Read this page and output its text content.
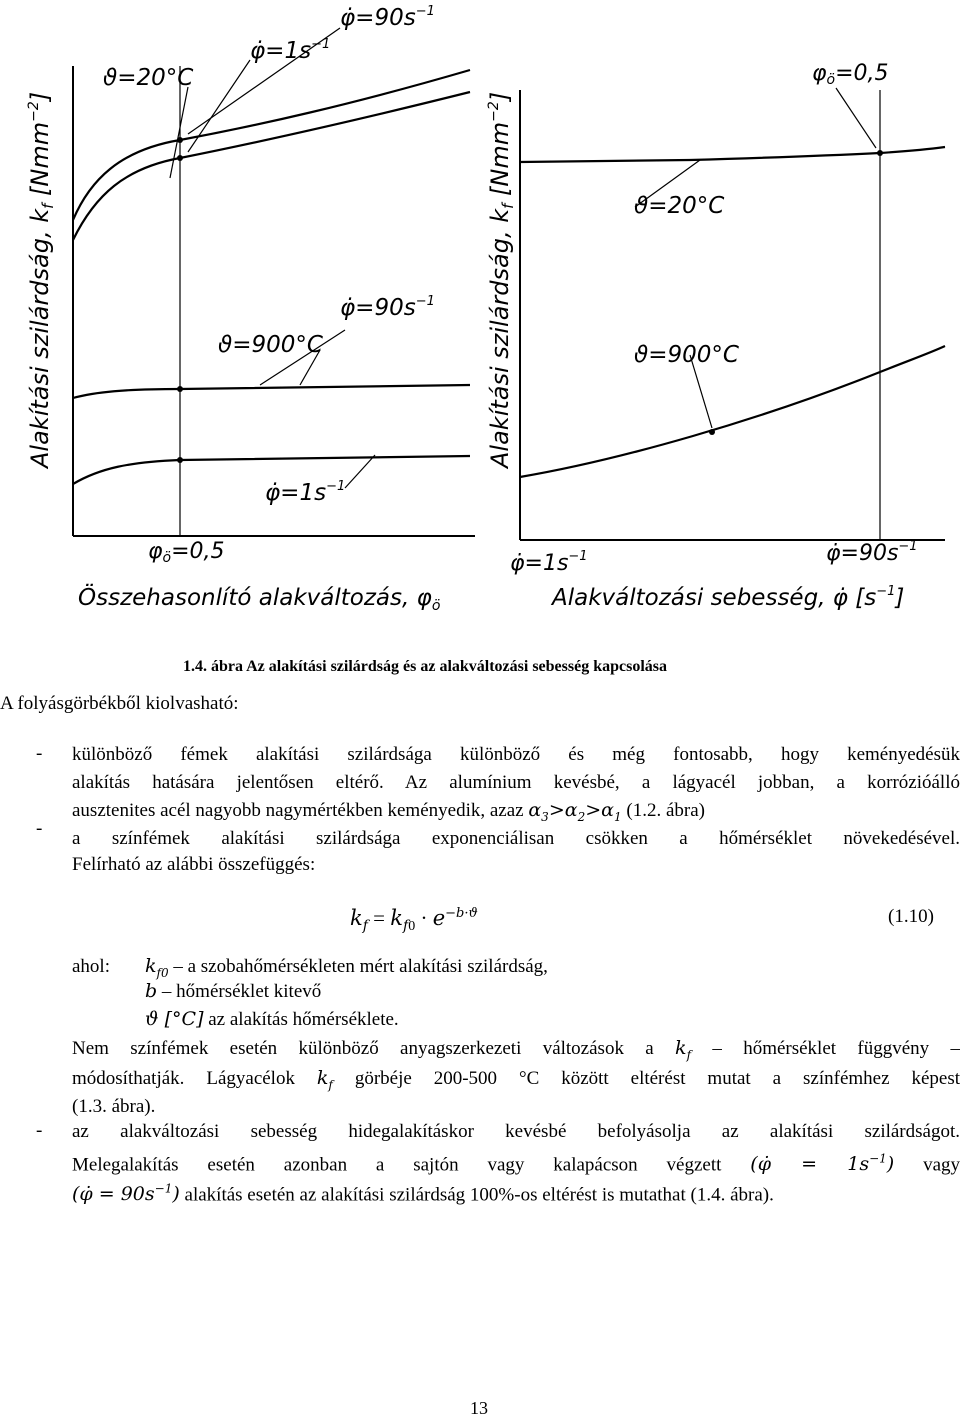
$\varphi̇=90s^{-1}$
$\varphi̇=1s^{-1}$
ϑ=20°C
$\varphi̇=90s^{-1}$
ϑ=900°C
$\varphi̇=1s^{-1}$
φö=0,5
Összehasonlító alakváltozás, $\varphi_ö$
Alakítási szilárdság, $k_f$ [Nmm$^{-2}$]
φö=0,5
ϑ=20°C
ϑ=900°C
$\varphi̇=1s^{-1}$	$\varphi̇=90s^{-1}$
Alakváltozási sebesség, φ̇ $[s^{-1}]$
Alakítási szilárdság, $k_f$ [Nmm$^{-2}$]
1.4. ábra Az alakítási szilárdság és az alakváltozási sebesség kapcsolása
A folyásgörbékből kiolvasható:
- különböző fémek alakítási szilárdsága különböző és még fontosabb, hogy keményedésük
alakítás hatására jelentősen eltérő. Az alumínium kevésbé, a lágyacél jobban, a korrózióálló
ausztenites acél nagyobb nagymértékben keményedik, azaz $\alpha_3>\alpha_2>\alpha_1$ (1.2. ábra)
- a színfémek alakítási szilárdsága exponenciálisan csökken a hőmérséklet növekedésével.
Felírható az alábbi összefüggés:
$k_f = k_{f0} \cdot e^{-b\cdot ϑ}$	(1.10)
ahol: $k_{f0}$ – a szobahőmérsékleten mért alakítási szilárdság,
b – hőmérséklet kitevő
ϑ [°C] az alakítás hőmérséklete.
Nem színfémek esetén különböző anyagszerkezeti változások a $k_f$ – hőmérséklet függvény –
módosíthatják. Lágyacélok $k_f$ görbéje 200-500 °C között eltérést mutat a színfémhez képest
(1.3. ábra).
- az alakváltozási sebesség hidegalakításkor kevésbé befolyásolja az alakítási szilárdságot.
Melegalakítás esetén azonban a sajtón vagy kalapácson végzett (φ̇ = $1s^{-1}$) vagy
(φ̇ = $90s^{-1}$) alakítás esetén az alakítási szilárdság 100%-os eltérést is mutathat (1.4. ábra).
13
